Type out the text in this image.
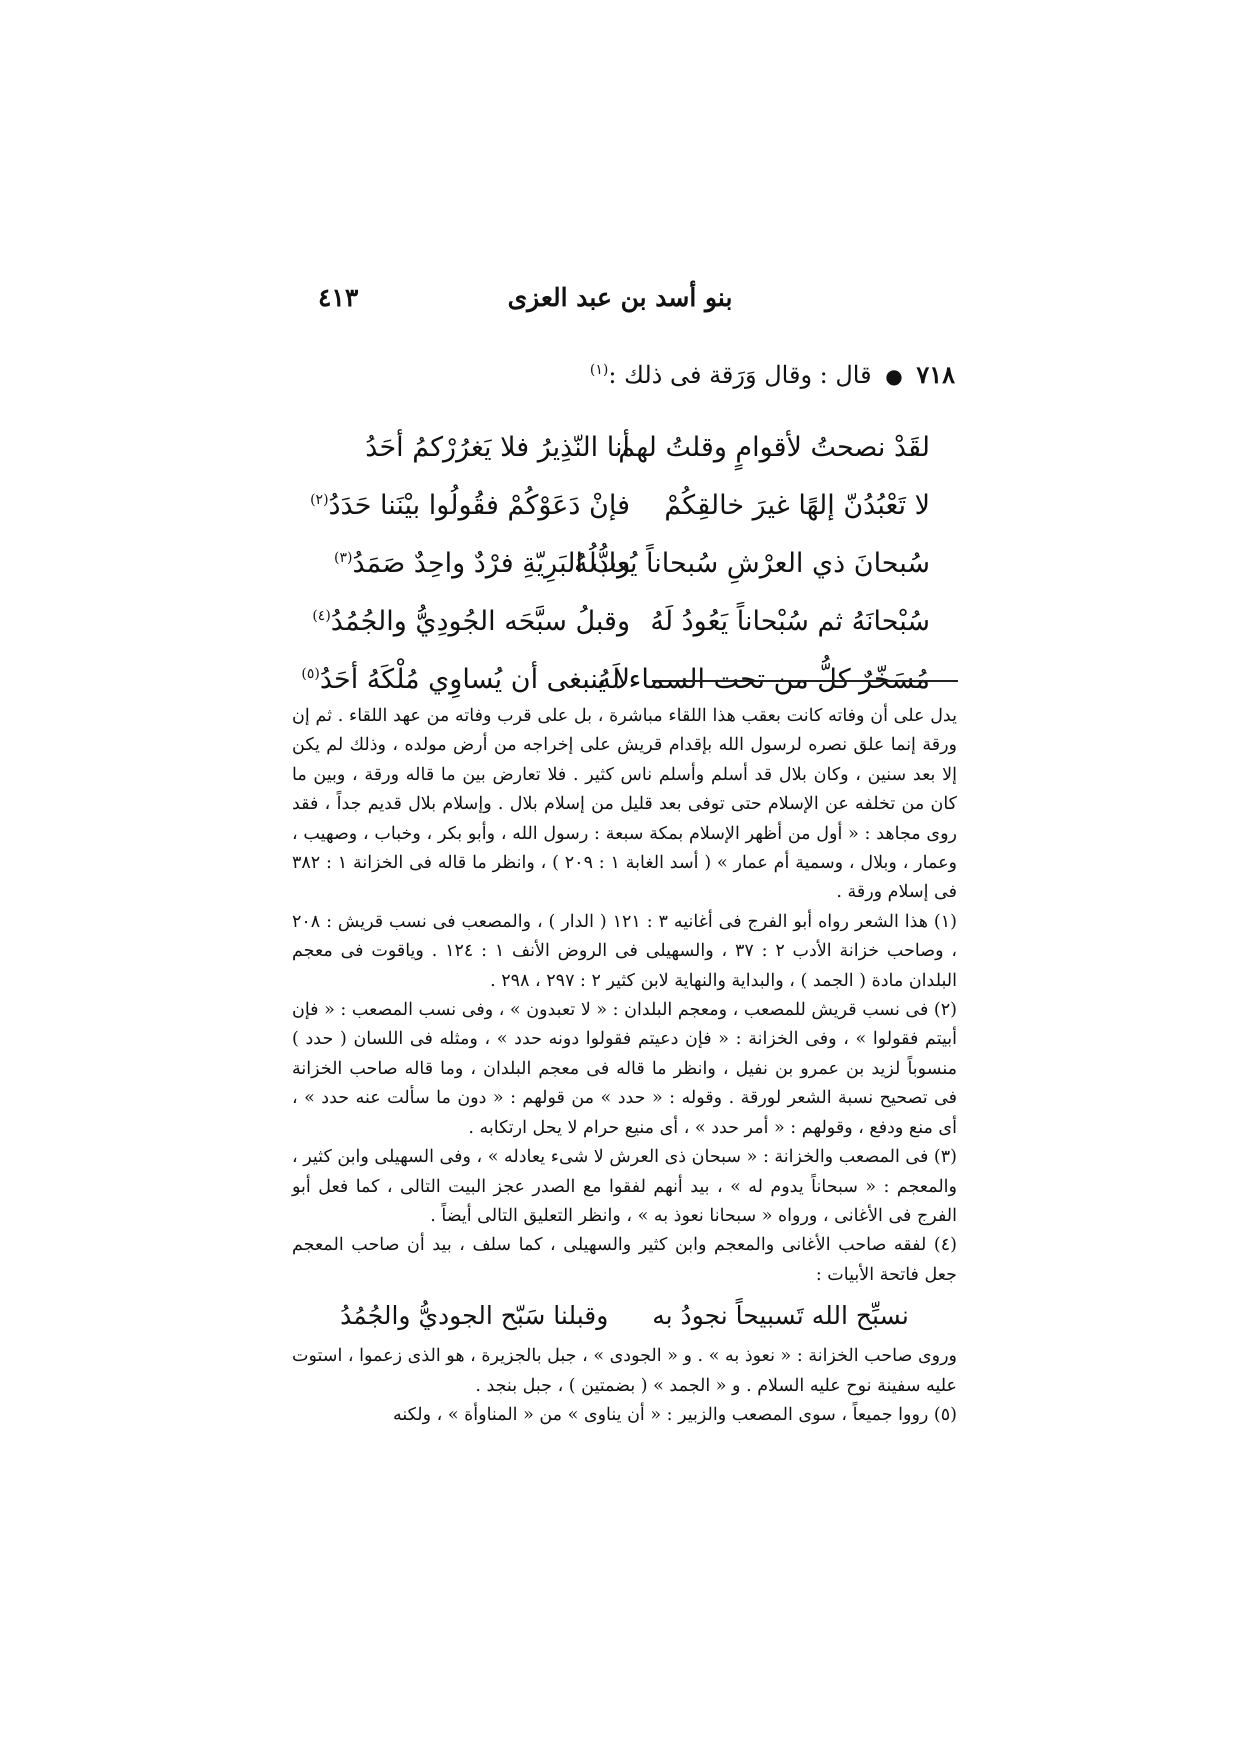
بنو أسد بن عبد العزى
٤١٣
٧١٨ ● قال : وقال وَرَقة فى ذلك :$^{(١)}$
لقَدْ نصحتُ لأقوامٍ وقلتُ لهم
أنا النّذِيرُ فلا يَغرُرْكمُ أحَدُ
لا تَعْبُدُنّ إلهًا غيرَ خالقِكُمْ
فإنْ دَعَوْكُمْ فقُولُوا بيْنَنا حَدَدُ$^{(٢)}$
سُبحانَ ذي العرْشِ سُبحاناً يُعادلُهُ
ربُّ البَرِيّةِ فرْدٌ واحِدٌ صَمَدُ$^{(٣)}$
سُبْحانَهُ ثم سُبْحاناً يَعُودُ لَهُ
وقبلُ سبَّحَه الجُودِيُّ والجُمُدُ$^{(٤)}$
مُسَخّرٌ كلُّ من تحت السماء لَهُ
لا ينبغى أن يُساوِي مُلْكَهُ أحَدُ$^{(٥)}$

يدل على أن وفاته كانت بعقب هذا اللقاء مباشرة ، بل على قرب وفاته من عهد اللقاء . ثم إن ورقة إنما علق نصره لرسول الله بإقدام قريش على إخراجه من أرض مولده ، وذلك لم يكن إلا بعد سنين ، وكان بلال قد أسلم وأسلم ناس كثير . فلا تعارض بين ما قاله ورقة ، وبين ما كان من تخلفه عن الإسلام حتى توفى بعد قليل من إسلام بلال . وإسلام بلال قديم جداً ، فقد روى مجاهد : « أول من أظهر الإسلام بمكة سبعة : رسول الله ، وأبو بكر ، وخباب ، وصهيب ، وعمار ، وبلال ، وسمية أم عمار » ( أسد الغابة ١ : ٢٠٩ ) ، وانظر ما قاله فى الخزانة ١ : ٣٨٢ فى إسلام ورقة .

(١) هذا الشعر رواه أبو الفرج فى أغانيه ٣ : ١٢١ ( الدار ) ، والمصعب فى نسب قريش : ٢٠٨ ، وصاحب خزانة الأدب ٢ : ٣٧ ، والسهيلى فى الروض الأنف ١ : ١٢٤ . وياقوت فى معجم البلدان مادة ( الجمد ) ، والبداية والنهاية لابن كثير ٢ : ٢٩٧ ، ٢٩٨ .

(٢) فى نسب قريش للمصعب ، ومعجم البلدان : « لا تعبدون » ، وفى نسب المصعب : « فإن أبيتم فقولوا » ، وفى الخزانة : « فإن دعيتم فقولوا دونه حدد » ، ومثله فى اللسان ( حدد ) منسوباً لزيد بن عمرو بن نفيل ، وانظر ما قاله فى معجم البلدان ، وما قاله صاحب الخزانة فى تصحيح نسبة الشعر لورقة . وقوله : « حدد » من قولهم : « دون ما سألت عنه حدد » ، أى منع ودفع ، وقولهم : « أمر حدد » ، أى منيع حرام لا يحل ارتكابه .

(٣) فى المصعب والخزانة : « سبحان ذى العرش لا شىء يعادله » ، وفى السهيلى وابن كثير ، والمعجم : « سبحاناً يدوم له » ، بيد أنهم لفقوا مع الصدر عجز البيت التالى ، كما فعل أبو الفرج فى الأغانى ، ورواه « سبحانا نعوذ به » ، وانظر التعليق التالى أيضاً .

(٤) لفقه صاحب الأغانى والمعجم وابن كثير والسهيلى ، كما سلف ، بيد أن صاحب المعجم جعل فاتحة الأبيات :

نسبِّح الله تَسبيحاً نجودُ به وقبلنا سَبّح الجوديُّ والجُمُدُ

وروى صاحب الخزانة : « نعوذ به » . و « الجودى » ، جبل بالجزيرة ، هو الذى زعموا ، استوت عليه سفينة نوح عليه السلام . و « الجمد » ( بضمتين ) ، جبل بنجد .

(٥) رووا جميعاً ، سوى المصعب والزبير : « أن يناوى » من « المناوأة » ، ولكنه
